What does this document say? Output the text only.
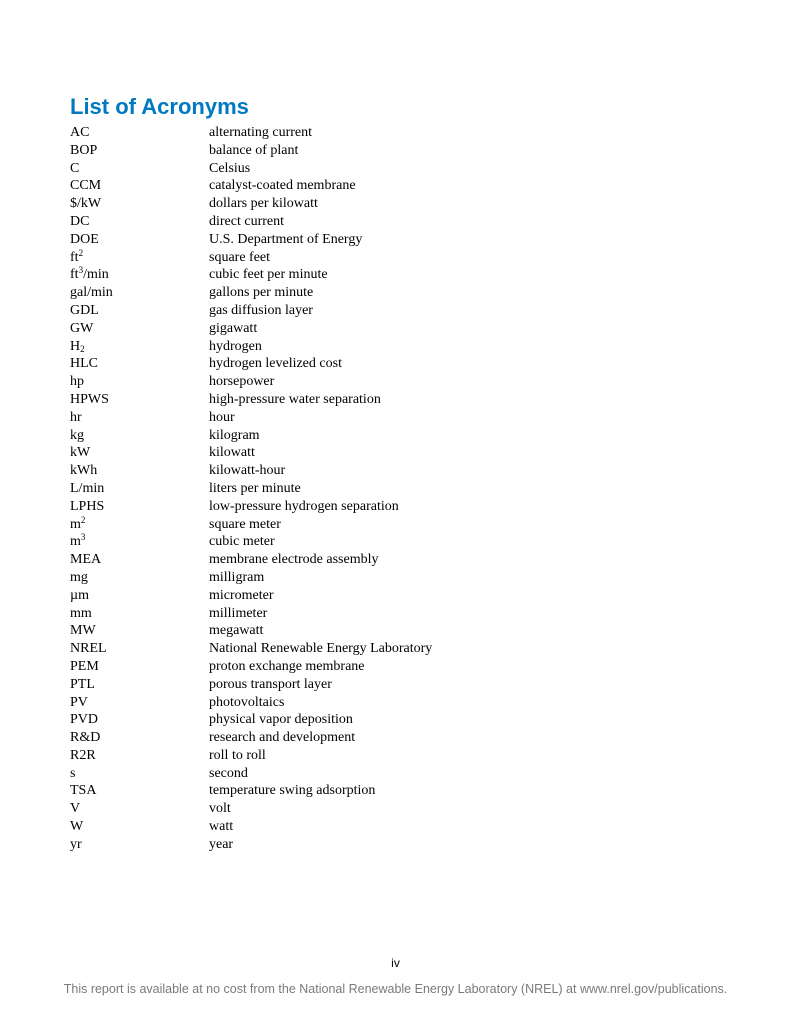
List of Acronyms
AC	alternating current
BOP	balance of plant
C	Celsius
CCM	catalyst-coated membrane
$/kW	dollars per kilowatt
DC	direct current
DOE	U.S. Department of Energy
$ft^2$	square feet
$ft^3/\min$	cubic feet per minute
gal/min	gallons per minute
GDL	gas diffusion layer
GW	gigawatt
$H_2$	hydrogen
HLC	hydrogen levelized cost
hp	horsepower
HPWS	high-pressure water separation
hr	hour
kg	kilogram
kW	kilowatt
kWh	kilowatt-hour
L/min	liters per minute
LPHS	low-pressure hydrogen separation
$m^2$	square meter
$m^3$	cubic meter
MEA	membrane electrode assembly
mg	milligram
µm	micrometer
mm	millimeter
MW	megawatt
NREL	National Renewable Energy Laboratory
PEM	proton exchange membrane
PTL	porous transport layer
PV	photovoltaics
PVD	physical vapor deposition
R&D	research and development
R2R	roll to roll
s	second
TSA	temperature swing adsorption
V	volt
W	watt
yr	year
iv
This report is available at no cost from the National Renewable Energy Laboratory (NREL) at www.nrel.gov/publications.
